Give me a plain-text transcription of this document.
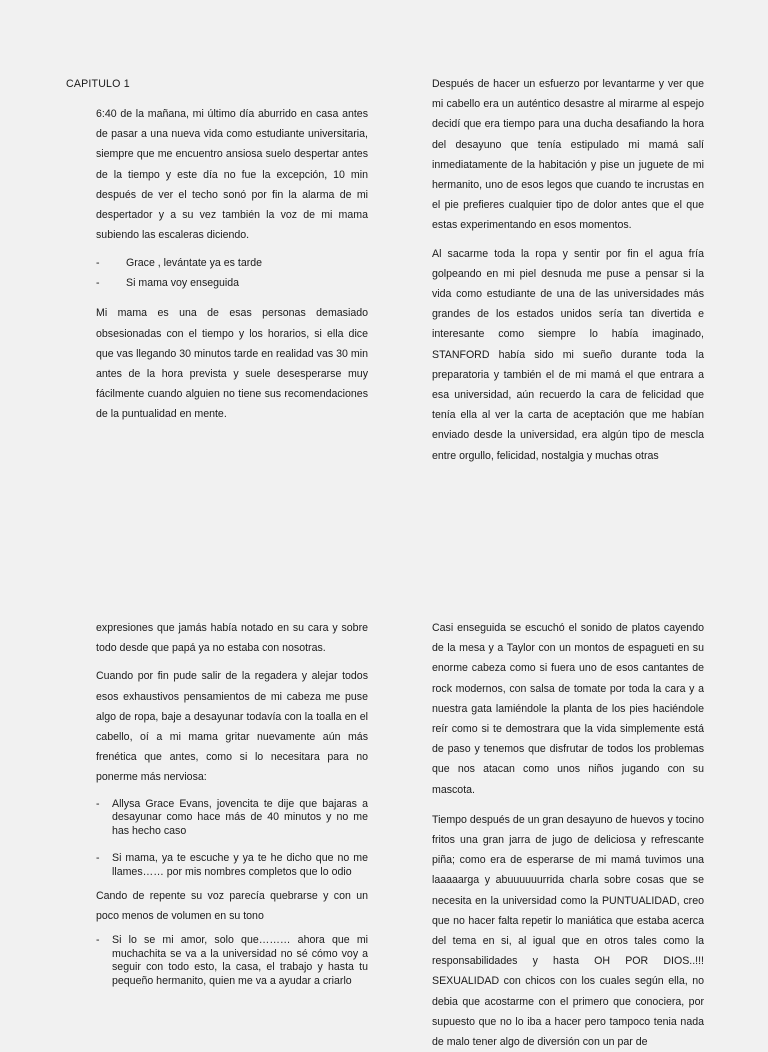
CAPITULO 1

6:40 de la mañana, mi último día aburrido en casa antes de pasar a una nueva vida como estudiante universitaria, siempre que me encuentro ansiosa suelo despertar antes de la tiempo y este día no fue la excepción, 10 min después de ver el techo sonó por fin la alarma de mi despertador y a su vez también la voz de mi mama subiendo las escaleras diciendo.

-	Grace , levántate ya es tarde
-	Si mama voy enseguida

Mi mama es una de esas personas demasiado obsesionadas con el tiempo y los horarios, si ella dice que vas llegando 30 minutos tarde en realidad vas 30 min antes de la hora prevista y suele desesperarse muy fácilmente cuando alguien no tiene sus recomendaciones de la puntualidad en mente.

Después de hacer un esfuerzo por levantarme y ver que mi cabello era un auténtico desastre al mirarme al espejo decidí que era tiempo para una ducha desafiando la hora del desayuno que tenía estipulado mi mamá salí inmediatamente de la habitación y pise un juguete de mi hermanito, uno de esos legos que cuando te incrustas en el pie prefieres cualquier tipo de dolor antes que el que estas experimentando en esos momentos.

Al sacarme toda la ropa y sentir por fin el agua fría golpeando en mi piel desnuda me puse a pensar si la vida como estudiante de una de las universidades más grandes de los estados unidos sería tan divertida e interesante como siempre lo había imaginado, STANFORD había sido mi sueño durante toda la preparatoria y también el de mi mamá el que entrara a esa universidad, aún recuerdo la cara de felicidad que tenía ella al ver la carta de aceptación que me habían enviado desde la universidad, era algún tipo de mescla entre orgullo, felicidad, nostalgia y muchas otras

expresiones que jamás había notado en su cara y sobre todo desde que papá ya no estaba con nosotras.

Cuando por fin pude salir de la regadera y alejar todos esos exhaustivos pensamientos de mi cabeza me puse algo de ropa, baje a desayunar todavía con la toalla en el cabello, oí a mi mama gritar nuevamente aún más frenética que antes, como si lo necesitara para no ponerme más nerviosa:

-	Allysa Grace Evans, jovencita te dije que bajaras a desayunar como hace más de 40 minutos y no me has hecho caso
-	Si mama, ya te escuche y ya te he dicho que no me llames…… por mis nombres completos que lo odio

Cando de repente su voz parecía quebrarse y con un poco menos de volumen en su tono

-	Si lo se mi amor, solo que……… ahora que mi muchachita se va a la universidad no sé cómo voy a seguir con todo esto, la casa, el trabajo y hasta tu pequeño hermanito, quien me va a ayudar a criarlo

Casi enseguida se escuchó el sonido de platos cayendo de la mesa y a Taylor con un montos de espagueti en su enorme cabeza como si fuera uno de esos cantantes de rock modernos, con salsa de tomate por toda la cara y a nuestra gata lamiéndole la planta de los pies haciéndole reír como si te demostrara que la vida simplemente está de paso y tenemos que disfrutar de todos los problemas que nos atacan como unos niños jugando con su mascota.

Tiempo después de un gran desayuno de huevos y tocino fritos una gran jarra de jugo de deliciosa y refrescante piña; como era de esperarse de mi mamá tuvimos una laaaaarga y abuuuuuurrida charla sobre cosas que se necesita en la universidad como la PUNTUALIDAD, creo que no hacer falta repetir lo maniática que estaba acerca del tema en si, al igual que en otros tales como la responsabilidades y hasta OH POR DIOS..!!! SEXUALIDAD con chicos con los cuales según ella, no debia que acostarme con el primero que conociera, por supuesto que no lo iba a hacer pero tampoco tenia nada de malo tener algo de diversión con un par de
